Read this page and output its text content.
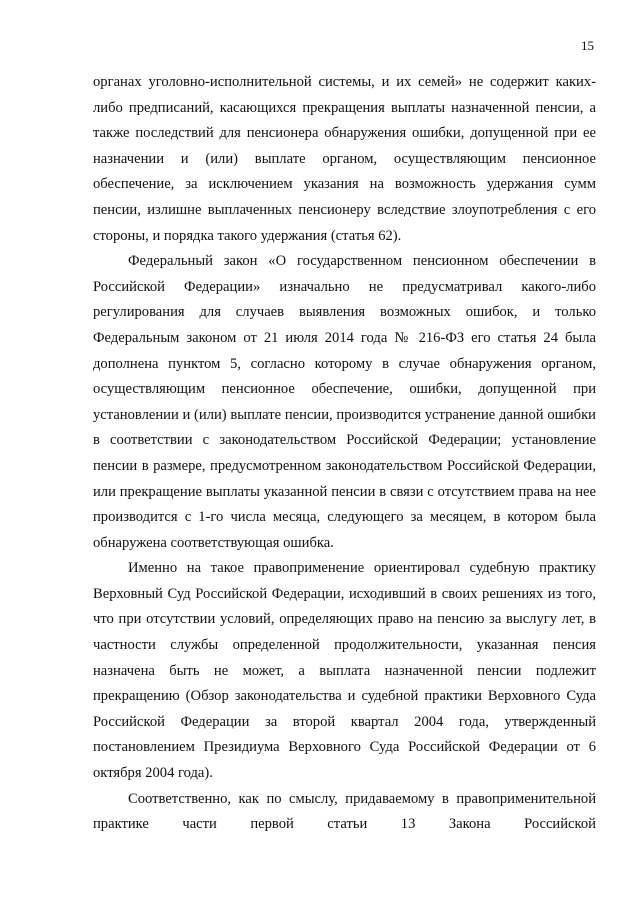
15

органах уголовно-исполнительной системы, и их семей» не содержит каких-либо предписаний, касающихся прекращения выплаты назначенной пенсии, а также последствий для пенсионера обнаружения ошибки, допущенной при ее назначении и (или) выплате органом, осуществляющим пенсионное обеспечение, за исключением указания на возможность удержания сумм пенсии, излишне выплаченных пенсионеру вследствие злоупотребления с его стороны, и порядка такого удержания (статья 62).

Федеральный закон «О государственном пенсионном обеспечении в Российской Федерации» изначально не предусматривал какого-либо регулирования для случаев выявления возможных ошибок, и только Федеральным законом от 21 июля 2014 года № 216-ФЗ его статья 24 была дополнена пунктом 5, согласно которому в случае обнаружения органом, осуществляющим пенсионное обеспечение, ошибки, допущенной при установлении и (или) выплате пенсии, производится устранение данной ошибки в соответствии с законодательством Российской Федерации; установление пенсии в размере, предусмотренном законодательством Российской Федерации, или прекращение выплаты указанной пенсии в связи с отсутствием права на нее производится с 1-го числа месяца, следующего за месяцем, в котором была обнаружена соответствующая ошибка.

Именно на такое правоприменение ориентировал судебную практику Верховный Суд Российской Федерации, исходивший в своих решениях из того, что при отсутствии условий, определяющих право на пенсию за выслугу лет, в частности службы определенной продолжительности, указанная пенсия назначена быть не может, а выплата назначенной пенсии подлежит прекращению (Обзор законодательства и судебной практики Верховного Суда Российской Федерации за второй квартал 2004 года, утвержденный постановлением Президиума Верховного Суда Российской Федерации от 6 октября 2004 года).

Соответственно, как по смыслу, придаваемому в правоприменительной практике части первой статьи 13 Закона Российской
